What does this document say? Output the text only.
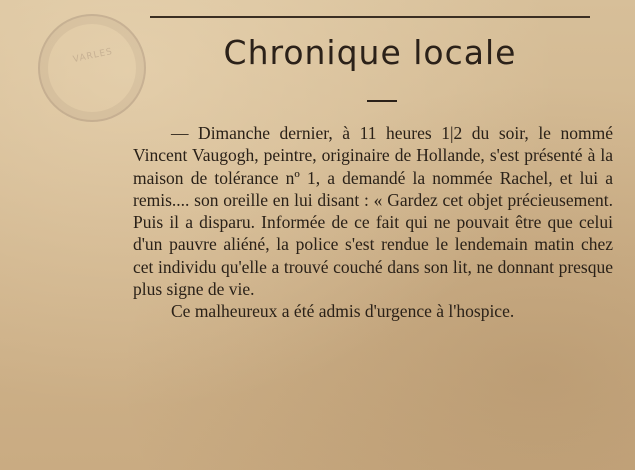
VARLES	Chronique locale

— Dimanche dernier, à 11 heures 1|2 du soir, le nommé Vincent Vaugogh, peintre, originaire de Hollande, s'est présenté à la maison de tolérance nº 1, a demandé la nommée Rachel, et lui a remis.... son oreille en lui disant : « Gardez cet objet précieusement. Puis il a disparu. Informée de ce fait qui ne pouvait être que celui d'un pauvre aliéné, la police s'est rendue le lendemain matin chez cet individu qu'elle a trouvé couché dans son lit, ne donnant presque plus signe de vie.

Ce malheureux a été admis d'urgence à l'hospice.
